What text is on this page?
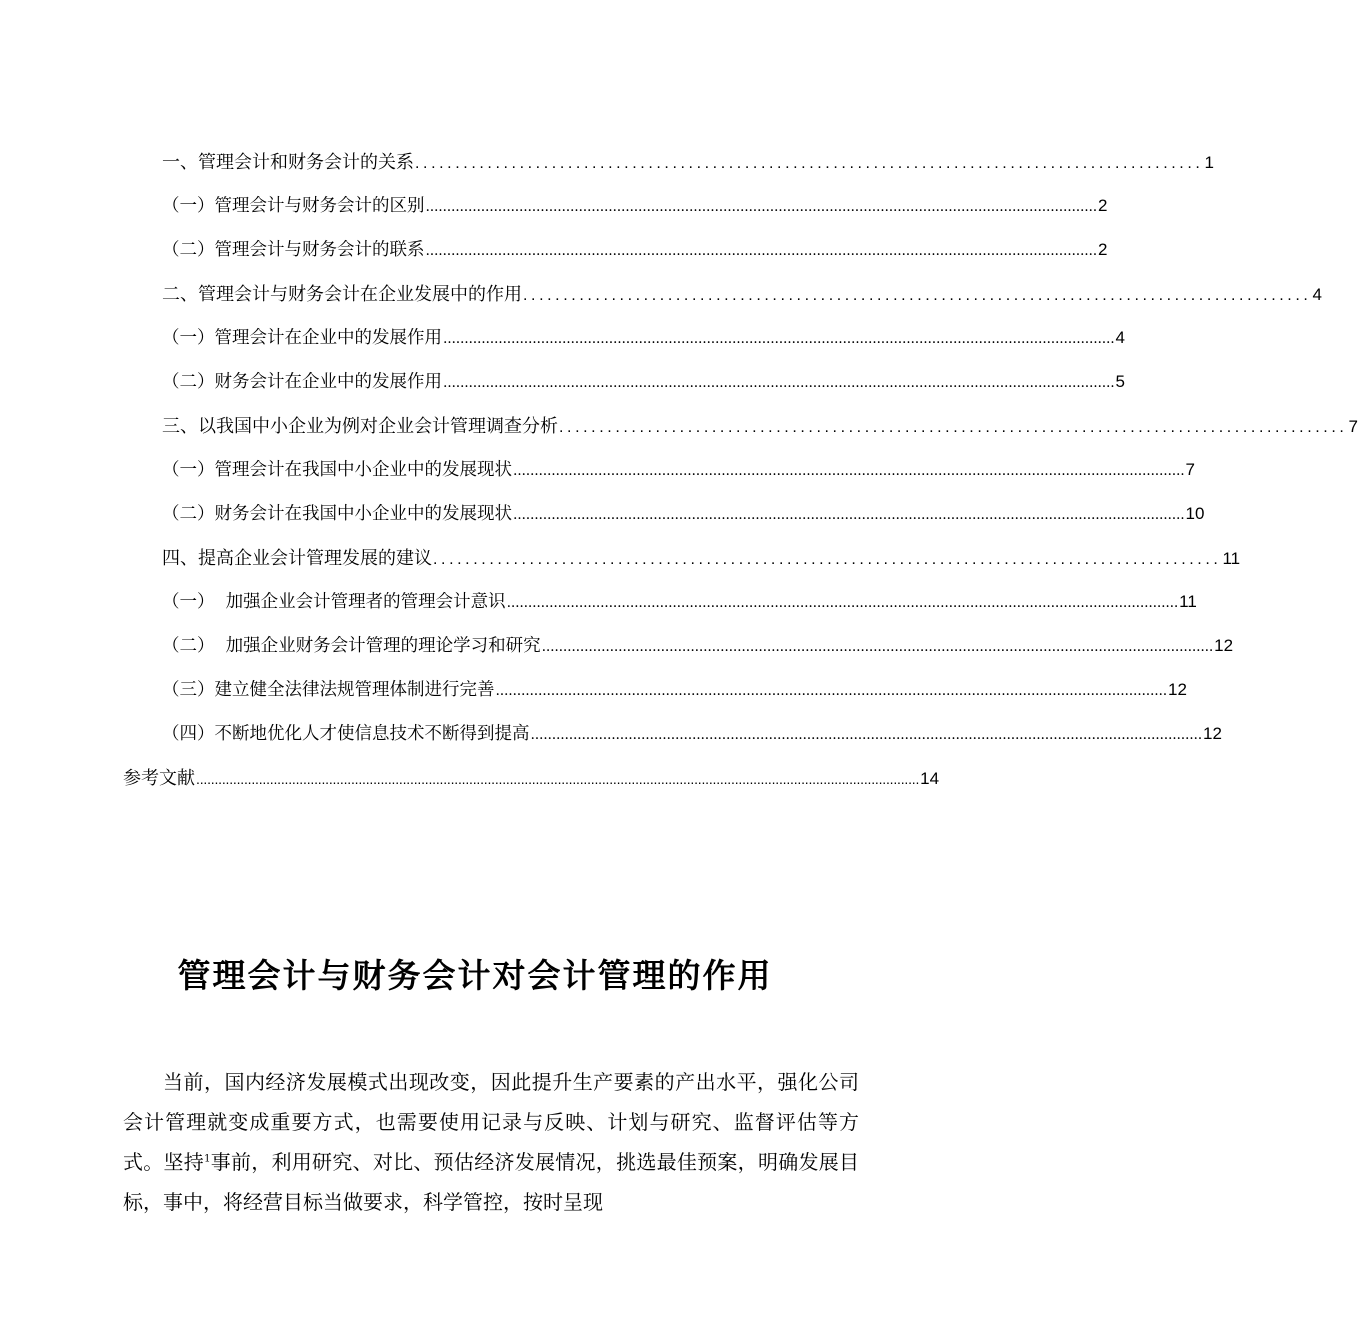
一、管理会计和财务会计的关系 .................................................................................................. 1
（一）管理会计与财务会计的区别 .............................................................................................................................................................. 2
（二）管理会计与财务会计的联系 .............................................................................................................................................................. 2
二、管理会计与财务会计在企业发展中的作用 .................................................................................................. 4
（一）管理会计在企业中的发展作用 .............................................................................................................................................................. 4
（二）财务会计在企业中的发展作用 .............................................................................................................................................................. 5
三、以我国中小企业为例对企业会计管理调查分析 .................................................................................................. 7
（一）管理会计在我国中小企业中的发展现状 .............................................................................................................................................................. 7
（二）财务会计在我国中小企业中的发展现状 .............................................................................................................................................................. 10
四、提高企业会计管理发展的建议 .................................................................................................. 11
（一）  加强企业会计管理者的管理会计意识 .............................................................................................................................................................. 11
（二）  加强企业财务会计管理的理论学习和研究 .............................................................................................................................................................. 12
（三）建立健全法律法规管理体制进行完善 .............................................................................................................................................................. 12
（四）不断地优化人才使信息技术不断得到提高 .............................................................................................................................................................. 12
参考文献 .................................................................................................................................................................................................... 14
管理会计与财务会计对会计管理的作用

当前，国内经济发展模式出现改变，因此提升生产要素的产出水平，强化公司会计管理就变成重要方式，也需要使用记录与反映、计划与研究、监督评估等方式。坚持$^1$事前，利用研究、对比、预估经济发展情况，挑选最佳预案，明确发展目标，事中，将经营目标当做要求，科学管控，按时呈现
